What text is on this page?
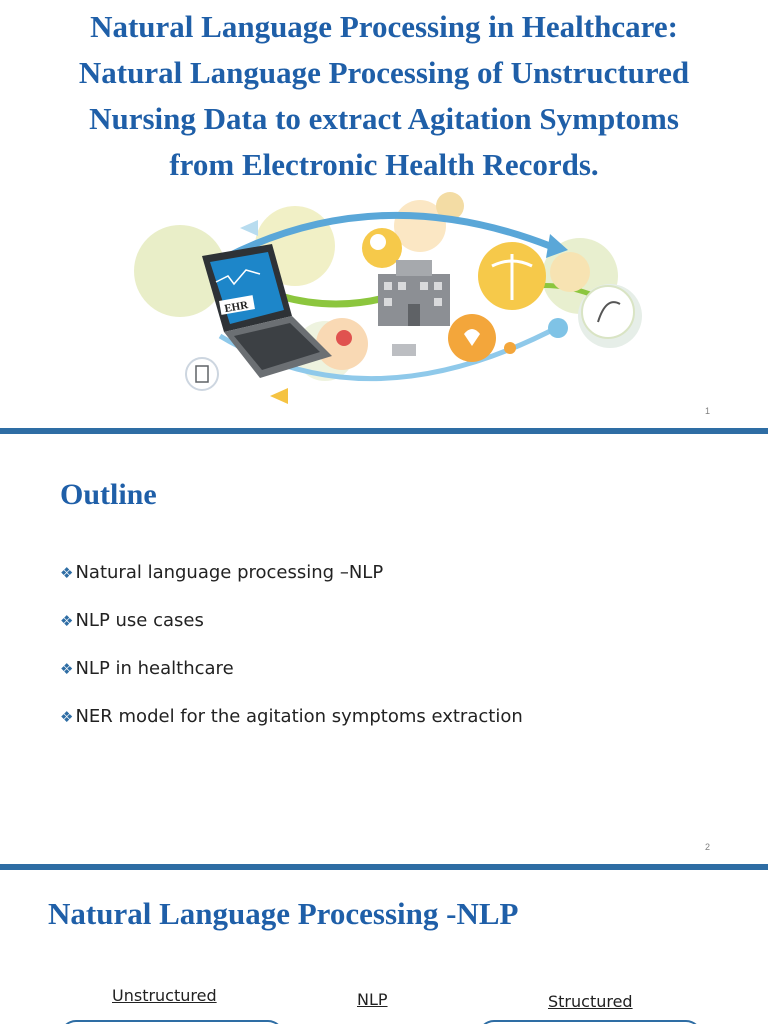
Natural Language Processing in Healthcare:
Natural Language Processing of Unstructured
Nursing Data to extract Agitation Symptoms
from Electronic Health Records.
EHR
1
Outline
❖ Natural language processing –NLP
❖ NLP use cases
❖ NLP in healthcare
❖ NER model for the agitation symptoms extraction
2
Natural Language Processing -NLP
Unstructured	NLP	Structured
